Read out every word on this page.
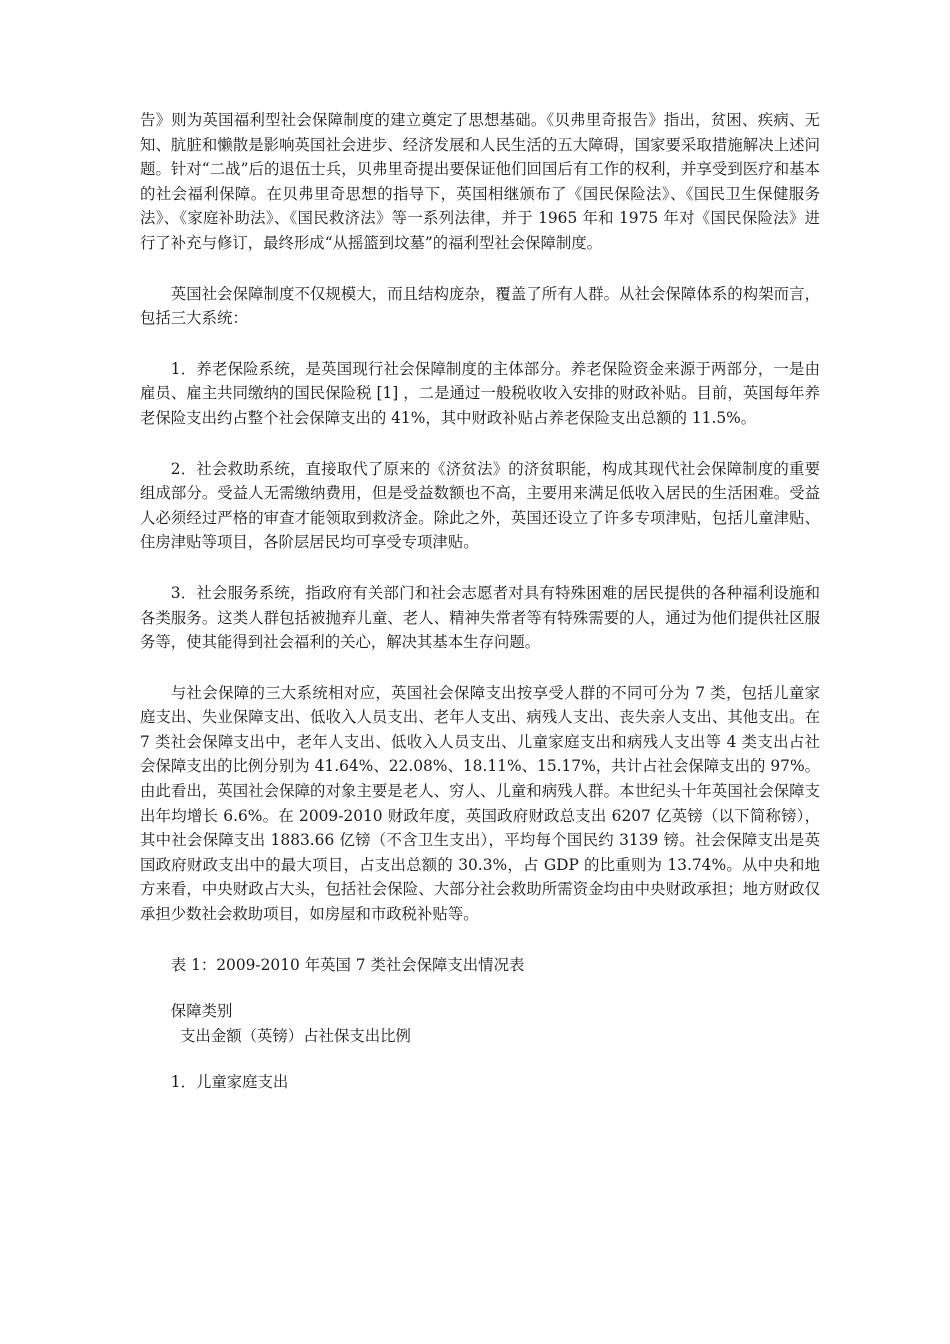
告》则为英国福利型社会保障制度的建立奠定了思想基础。《贝弗里奇报告》指出，贫困、疾病、无知、肮脏和懒散是影响英国社会进步、经济发展和人民生活的五大障碍，国家要采取措施解决上述问题。针对“二战”后的退伍士兵，贝弗里奇提出要保证他们回国后有工作的权利，并享受到医疗和基本的社会福利保障。在贝弗里奇思想的指导下，英国相继颁布了《国民保险法》、《国民卫生保健服务法》、《家庭补助法》、《国民救济法》等一系列法律，并于 1965 年和 1975 年对《国民保险法》进行了补充与修订，最终形成“从摇篮到坟墓”的福利型社会保障制度。

英国社会保障制度不仅规模大，而且结构庞杂，覆盖了所有人群。从社会保障体系的构架而言，包括三大系统：

1．养老保险系统，是英国现行社会保障制度的主体部分。养老保险资金来源于两部分，一是由雇员、雇主共同缴纳的国民保险税 [1] ，二是通过一般税收收入安排的财政补贴。目前，英国每年养老保险支出约占整个社会保障支出的 41%，其中财政补贴占养老保险支出总额的 11.5%。

2．社会救助系统，直接取代了原来的《济贫法》的济贫职能，构成其现代社会保障制度的重要组成部分。受益人无需缴纳费用，但是受益数额也不高，主要用来满足低收入居民的生活困难。受益人必须经过严格的审查才能领取到救济金。除此之外，英国还设立了许多专项津贴，包括儿童津贴、住房津贴等项目，各阶层居民均可享受专项津贴。

3．社会服务系统，指政府有关部门和社会志愿者对具有特殊困难的居民提供的各种福利设施和各类服务。这类人群包括被抛弃儿童、老人、精神失常者等有特殊需要的人，通过为他们提供社区服务等，使其能得到社会福利的关心，解决其基本生存问题。

与社会保障的三大系统相对应，英国社会保障支出按享受人群的不同可分为 7 类，包括儿童家庭支出、失业保障支出、低收入人员支出、老年人支出、病残人支出、丧失亲人支出、其他支出。在 7 类社会保障支出中，老年人支出、低收入人员支出、儿童家庭支出和病残人支出等 4 类支出占社会保障支出的比例分别为 41.64%、22.08%、18.11%、15.17%，共计占社会保障支出的 97%。由此看出，英国社会保障的对象主要是老人、穷人、儿童和病残人群。本世纪头十年英国社会保障支出年均增长 6.6%。在 2009-2010 财政年度，英国政府财政总支出 6207 亿英镑（以下简称镑），其中社会保障支出 1883.66 亿镑（不含卫生支出），平均每个国民约 3139 镑。社会保障支出是英国政府财政支出中的最大项目，占支出总额的 30.3%，占 GDP 的比重则为 13.74%。从中央和地方来看，中央财政占大头，包括社会保险、大部分社会救助所需资金均由中央财政承担；地方财政仅承担少数社会救助项目，如房屋和市政税补贴等。

表 1：2009-2010 年英国 7 类社会保障支出情况表

保障类别

支出金额（英镑）占社保支出比例

1．儿童家庭支出
